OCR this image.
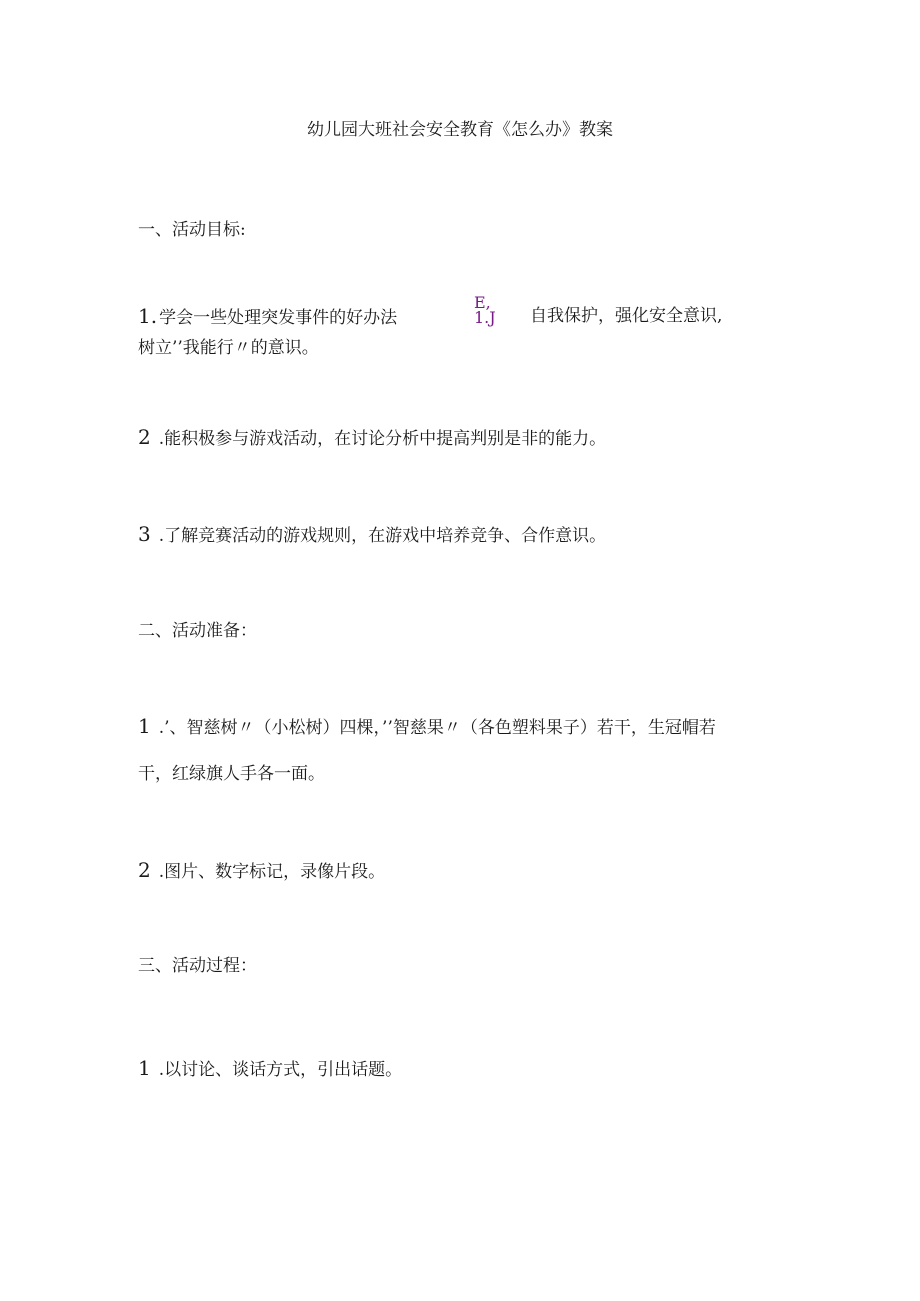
幼儿园大班社会安全教育《怎么办》教案

一、活动目标:

1. 学会一些处理突发事件的好办法

E,
1.J 自我保护，强化安全意识,

树立’’我能行〃的意识。

2 .能积极参与游戏活动，在讨论分析中提高判别是非的能力。

3 .了解竞赛活动的游戏规则，在游戏中培养竞争、合作意识。

二、活动准备：

1 .’、智慈树〃（小松树）四棵，’’智慈果〃（各色塑料果子）若干，生冠帽若

干，红绿旗人手各一面。

2 .图片、数字标记，录像片段。

三、活动过程：

1 .以讨论、谈话方式，引出话题。
